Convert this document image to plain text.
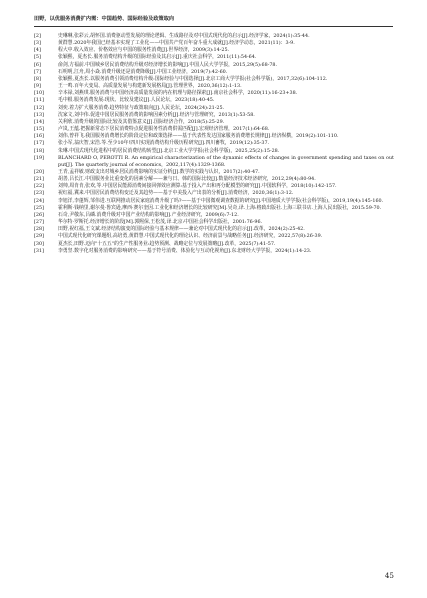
田野，以优服务消费扩内需：中国趋势、国际经验及政策取向

[2]	史琳琳,张彩云,胡怀国.消费驱动型发展的理论逻辑、生成路径及对中国式现代化的启示[J].经济学家，2024(1):35-44.

[3]	黄群慧.2020年我国已经基本实现了工业化——中国共产党百年奋斗重大成就[J].经济学动态，2021(11)：3-9.

[4]	程大中.收入效应、价格效应与中国的服务性消费[J].世界经济，2009(3):14-25.

[5]	张颖熙，夏杰长.服务消费结构升级的国际经验及其启示[J].重庆社会科学，2011(11):54-64.

[6]	俞剑,方福前.中国城乡居民消费结构升级对经济增长的影响[J].中国人民大学学报，2015,29(5):68-78.

[7]	石明明,江舟,周小焱.消费升级还是消费降级[J].中国工业经济，2019(7):42-60.

[8]	张颖熙,夏杰长.以服务消费引领消费结构升级:国际经验与中国选择[J].北京工商大学学报(社会科学版)，2017,32(6):104-112.

[9]	王一鸣.百年大变局、高质量发展与构建新发展格局[J].管理世界，2020,36(12):1-13.

[10]	辛本禄,刘燕琪.服务消费与中国经济高质量发展的内在机理与路径探索[J].南京社会科学，2020(11):16-23+38.

[11]	毛中根.服务消费发展:现状、比较及建议[J].人民论坛，2023(18):40-45.

[12]	刘奕.着力扩大服务消费:趋势特征与政策取向[J].人民论坛，2024(24):21-25.

[13]	沈家文,刘中伟.促进中国居民服务消费的影响因素分析[J].经济与管理研究，2013(1):53-58.

[14]	关利欣.消费升级的国际比较及其借鉴意义[J].国际经济合作，2018(5):25-29.

[15]	卢岚,王蕴.把握新常态下居民消费特点促进服务性消费供需匹配[J].宏观经济管理，2017(1):64-68.

[16]	刘伟,曾祥飞.我国服务消费增长的阶段定位和政策选择——基于代表性发达国家服务消费增长规律[J].经济纵横，2019(2):101-110.

[17]	张小军,翁庆智,宋浩.等.至少10年!四川实现消费结构升级历程研究[J].四川畜牧，2019(12):35-37.

[18]	朱琳.中国式现代化进程中的居民消费结构转型[J].北京工业大学学报(社会科学版)，2025,25(2):15-28.

[19]	BLANCHARD O, PEROTTI R. An empirical characterization of the dynamic effects of changes in government spending and taxes on output[J]. The quarterly journal of economics，2002,117(4):1329-1368.

[20]	王青,孟祥敏.财政支出对城乡居民消费影响的实证分析[J].数学的实践与认识，2017(2):40-47.

[21]	胡善,吕长江.中国服务业比重变化的因素分解——兼与日、韩的国际比较[J].数量经济技术经济研究，2012,29(4):80-94.

[22]	刘帅,周肯肯,张欢,等.中国居民能源消费间接回弹效应测算:基于投入产出和再分配模型的研究[J].中国软科学，2018(10):142-157.

[23]	祝红福,冀来.中国居民消费结构变迁及其趋势——基于中美投入产出表的分析[J].消费经济，2020,36(1):3-12.

[24]	李旭洋,李蓬辉,邹伟进.互联网推动居民家庭消费升级了吗?——基于中国微观调查数据的研究[J].中国地质大学学报(社会科学版)，2019,19(4):145-160.

[25]	霍利斯·钱纳里,谢尔曼·鲁宾逊,摩西·赛尔奎因.工业化和经济增长的比较研究[M].吴奇,译.上海:格致出版社.上海三联书店.上海人民出版社，2015:59-70.

[26]	石奇,尹敬东,吕磷.消费升级对中国产业结构的影响[J].产业经济研究，2009(6):7-12.

[27]	华尔特·罗斯托.经济增长的阶段[M].郭熙保,王松茂,译.北京:中国社会科学出版社，2001:76-96.

[28]	田野,祝红福,王文斌.经济结构演变的国际经验与基本规律——兼论对中国式现代化的启示[J].改革，2024(2):25-42.

[29]	中国式现代化研究课题组,高培勇,黄群慧.中国式现代化的理论认识、经济前景与战略任务[J].经济研究，2022,57(8):26-39.

[30]	夏杰长,田野.迈向"十五五"的生产性服务业:趋势预测、战略定位与发展策略[J].改革，2025(7):41-57.

[31]	李勇坚.数字化对服务消费的影响研究——基于符号消费、体验化与互动化视角[J].东北财经大学学报，2024(1):14-23.

45
